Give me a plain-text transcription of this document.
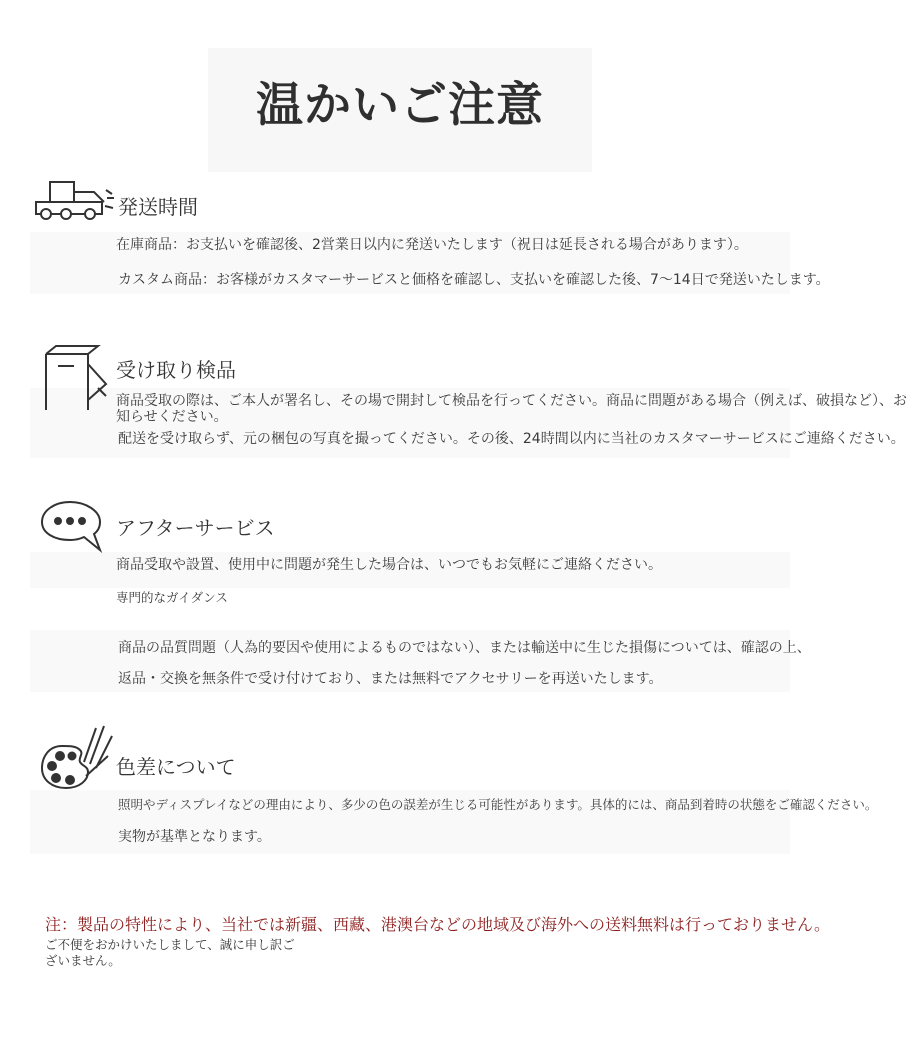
温かいご注意
発送時間
在庫商品：お支払いを確認後、2営業日以内に発送いたします（祝日は延長される場合があります）。
カスタム商品：お客様がカスタマーサービスと価格を確認し、支払いを確認した後、7〜14日で発送いたします。
受け取り検品
商品受取の際は、ご本人が署名し、その場で開封して検品を行ってください。商品に問題がある場合（例えば、破損など）、お知らせください。
配送を受け取らず、元の梱包の写真を撮ってください。その後、24時間以内に当社のカスタマーサービスにご連絡ください。
アフターサービス
商品受取や設置、使用中に問題が発生した場合は、いつでもお気軽にご連絡ください。
専門的なガイダンス
商品の品質問題（人為的要因や使用によるものではない）、または輸送中に生じた損傷については、確認の上、
返品・交換を無条件で受け付けており、または無料でアクセサリーを再送いたします。
色差について
照明やディスプレイなどの理由により、多少の色の誤差が生じる可能性があります。具体的には、商品到着時の状態をご確認ください。
実物が基準となります。
注：製品の特性により、当社では新疆、西藏、港澳台などの地域及び海外への送料無料は行っておりません。
ご不便をおかけいたしまして、誠に申し訳ございません。
